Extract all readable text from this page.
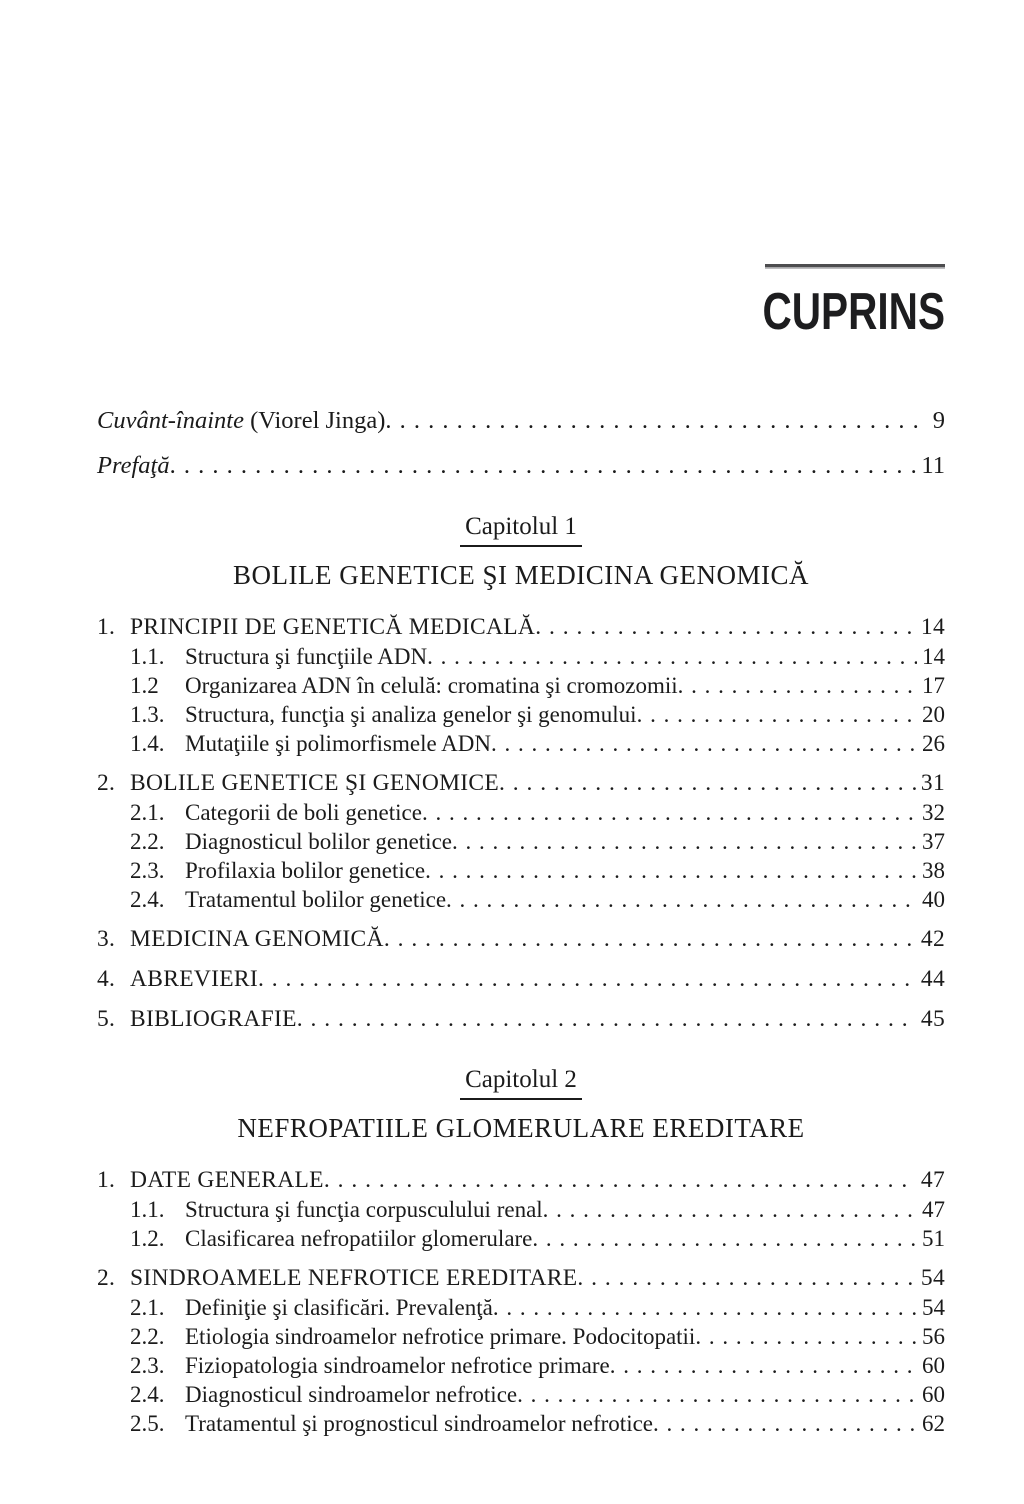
CUPRINS
Cuvânt-înainte (Viorel Jinga) . . .	9
Prefaţă . . .	11
Capitolul 1
BOLILE GENETICE ŞI MEDICINA GENOMICĂ
1. PRINCIPII DE GENETICĂ MEDICALĂ . . .	14
1.1. Structura şi funcţiile ADN . . .	14
1.2	Organizarea ADN în celulă: cromatina şi cromozomii . . .	17
1.3. Structura, funcţia şi analiza genelor şi genomului . . .	20
1.4. Mutaţiile şi polimorfismele ADN . . .	26
2. BOLILE GENETICE ŞI GENOMICE . . .	31
2.1. Categorii de boli genetice . . .	32
2.2. Diagnosticul bolilor genetice . . .	37
2.3. Profilaxia bolilor genetice . . .	38
2.4. Tratamentul bolilor genetice . . .	40
3. MEDICINA GENOMICĂ . . .	42
4. ABREVIERI . . .	44
5. BIBLIOGRAFIE . . .	45
Capitolul 2
NEFROPATIILE GLOMERULARE EREDITARE
1. DATE GENERALE . . .	47
1.1. Structura şi funcţia corpusculului renal . . .	47
1.2. Clasificarea nefropatiilor glomerulare . . .	51
2. SINDROAMELE NEFROTICE EREDITARE . . .	54
2.1. Definiţie şi clasificări. Prevalenţă . . .	54
2.2. Etiologia sindroamelor nefrotice primare. Podocitopatii . . .	56
2.3. Fiziopatologia sindroamelor nefrotice primare . . .	60
2.4. Diagnosticul sindroamelor nefrotice . . .	60
2.5. Tratamentul şi prognosticul sindroamelor nefrotice . . .	62
